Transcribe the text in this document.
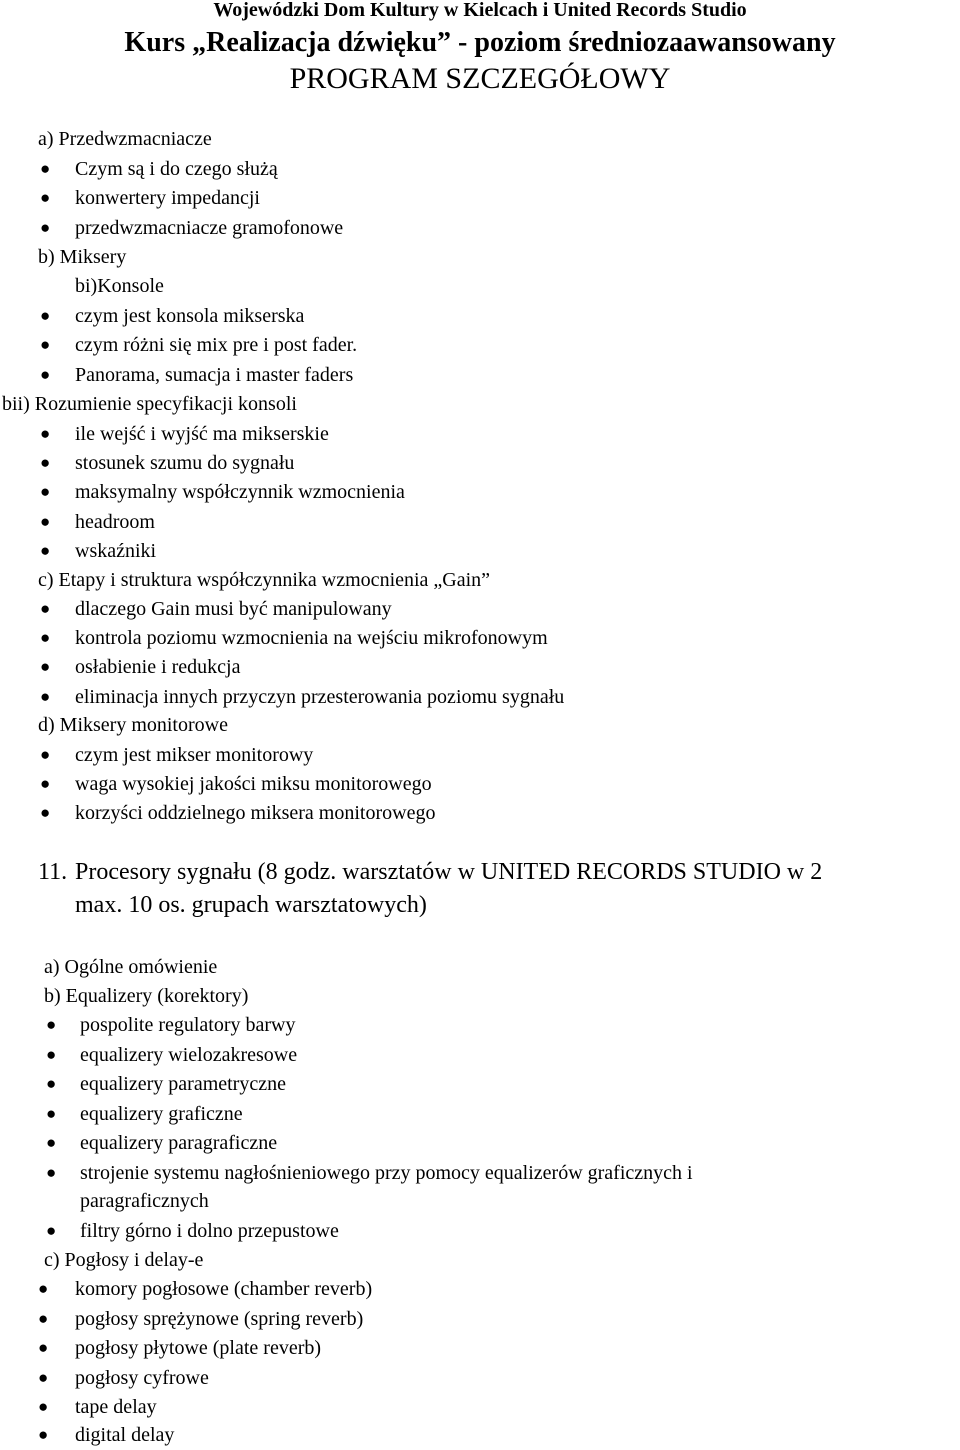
Wojewódzki Dom Kultury w Kielcach i United Records Studio
Kurs „Realizacja dźwięku” - poziom średniozaawansowany
PROGRAM SZCZEGÓŁOWY
a) Przedwzmacniacze
● Czym są i do czego służą
● konwertery impedancji
● przedwzmacniacze gramofonowe
b) Miksery
bi)Konsole
● czym jest konsola mikserska
● czym różni się mix pre i post fader.
● Panorama, sumacja i master faders
bii) Rozumienie specyfikacji konsoli
● ile wejść i wyjść ma mikserskie
● stosunek szumu do sygnału
● maksymalny współczynnik wzmocnienia
● headroom
● wskaźniki
c) Etapy i struktura współczynnika wzmocnienia „Gain”
● dlaczego Gain musi być manipulowany
● kontrola poziomu wzmocnienia na wejściu mikrofonowym
● osłabienie i redukcja
● eliminacja innych przyczyn przesterowania poziomu sygnału
d) Miksery monitorowe
● czym jest mikser monitorowy
● waga wysokiej jakości miksu monitorowego
● korzyści oddzielnego miksera monitorowego
11. Procesory sygnału (8 godz. warsztatów w UNITED RECORDS STUDIO w 2
max. 10 os. grupach warsztatowych)
a) Ogólne omówienie
b) Equalizery (korektory)
● pospolite regulatory barwy
● equalizery wielozakresowe
● equalizery parametryczne
● equalizery graficzne
● equalizery paragraficzne
● strojenie systemu nagłośnieniowego przy pomocy equalizerów graficznych i
paragraficznych
● filtry górno i dolno przepustowe
c) Pogłosy i delay-e
● komory pogłosowe (chamber reverb)
● pogłosy sprężynowe (spring reverb)
● pogłosy płytowe (plate reverb)
● pogłosy cyfrowe
● tape delay
● digital delay
